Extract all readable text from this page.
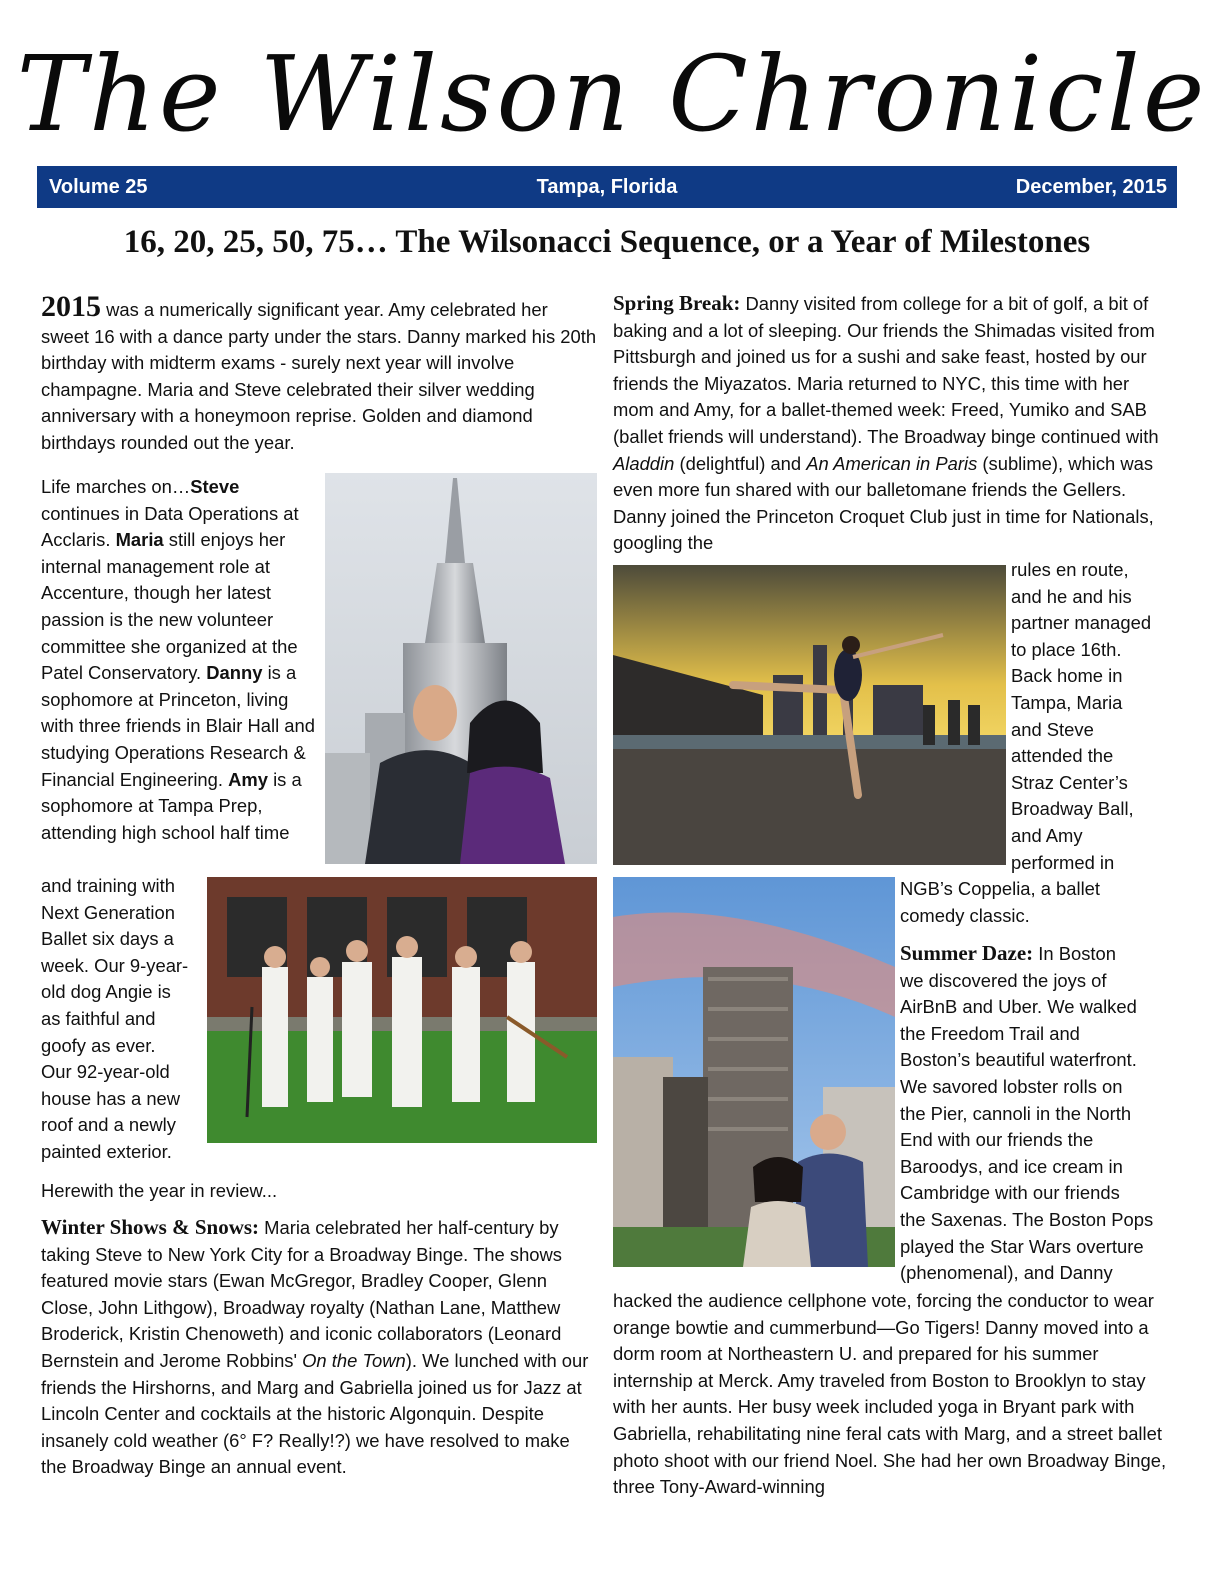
The Wilson Chronicle
Volume 25	Tampa, Florida	December, 2015
16, 20, 25, 50, 75… The Wilsonacci Sequence, or a Year of Milestones

2015 was a numerically significant year. Amy celebrated her sweet 16 with a dance party under the stars. Danny marked his 20th birthday with midterm exams - surely next year will involve champagne. Maria and Steve celebrated their silver wedding anniversary with a honeymoon reprise. Golden and diamond birthdays rounded out the year.

Life marches on…Steve continues in Data Operations at Acclaris. Maria still enjoys her internal management role at Accenture, though her latest passion is the new volunteer committee she organized at the Patel Conservatory. Danny is a sophomore at Princeton, living with three friends in Blair Hall and studying Operations Research & Financial Engineering. Amy is a sophomore at Tampa Prep, attending high school half time

and training with
Next Generation
Ballet six days a
week. Our 9-year-
old dog Angie is
as faithful and
goofy as ever.
Our 92-year-old
house has a new
roof and a newly
painted exterior.
Herewith the year in review...

Winter Shows & Snows: Maria celebrated her half-century by taking Steve to New York City for a Broadway Binge. The shows featured movie stars (Ewan McGregor, Bradley Cooper, Glenn Close, John Lithgow), Broadway royalty (Nathan Lane, Matthew Broderick, Kristin Chenoweth) and iconic collaborators (Leonard Bernstein and Jerome Robbins' On the Town). We lunched with our friends the Hirshorns, and Marg and Gabriella joined us for Jazz at Lincoln Center and cocktails at the historic Algonquin. Despite insanely cold weather (6° F? Really!?) we have resolved to make the Broadway Binge an annual event.

Spring Break: Danny visited from college for a bit of golf, a bit of baking and a lot of sleeping. Our friends the Shimadas visited from Pittsburgh and joined us for a sushi and sake feast, hosted by our friends the Miyazatos. Maria returned to NYC, this time with her mom and Amy, for a ballet-themed week: Freed, Yumiko and SAB (ballet friends will understand). The Broadway binge continued with Aladdin (delightful) and An American in Paris (sublime), which was even more fun shared with our balletomane friends the Gellers. Danny joined the Princeton Croquet Club just in time for Nationals, googling the

rules en route,
and he and his
partner managed
to place 16th.
Back home in
Tampa, Maria
and Steve
attended the
Straz Center’s
Broadway Ball,
and Amy
performed in
NGB’s Coppelia, a ballet
comedy classic.
Summer Daze: In Boston
we discovered the joys of
AirBnB and Uber. We walked
the Freedom Trail and
Boston’s beautiful waterfront.
We savored lobster rolls on
the Pier, cannoli in the North
End with our friends the
Baroodys, and ice cream in
Cambridge with our friends
the Saxenas. The Boston Pops
played the Star Wars overture
(phenomenal), and Danny
hacked the audience cellphone vote, forcing the conductor to wear orange bowtie and cummerbund—Go Tigers! Danny moved into a dorm room at Northeastern U. and prepared for his summer internship at Merck. Amy traveled from Boston to Brooklyn to stay with her aunts. Her busy week included yoga in Bryant park with Gabriella, rehabilitating nine feral cats with Marg, and a street ballet photo shoot with our friend Noel. She had her own Broadway Binge, three Tony-Award-winning
